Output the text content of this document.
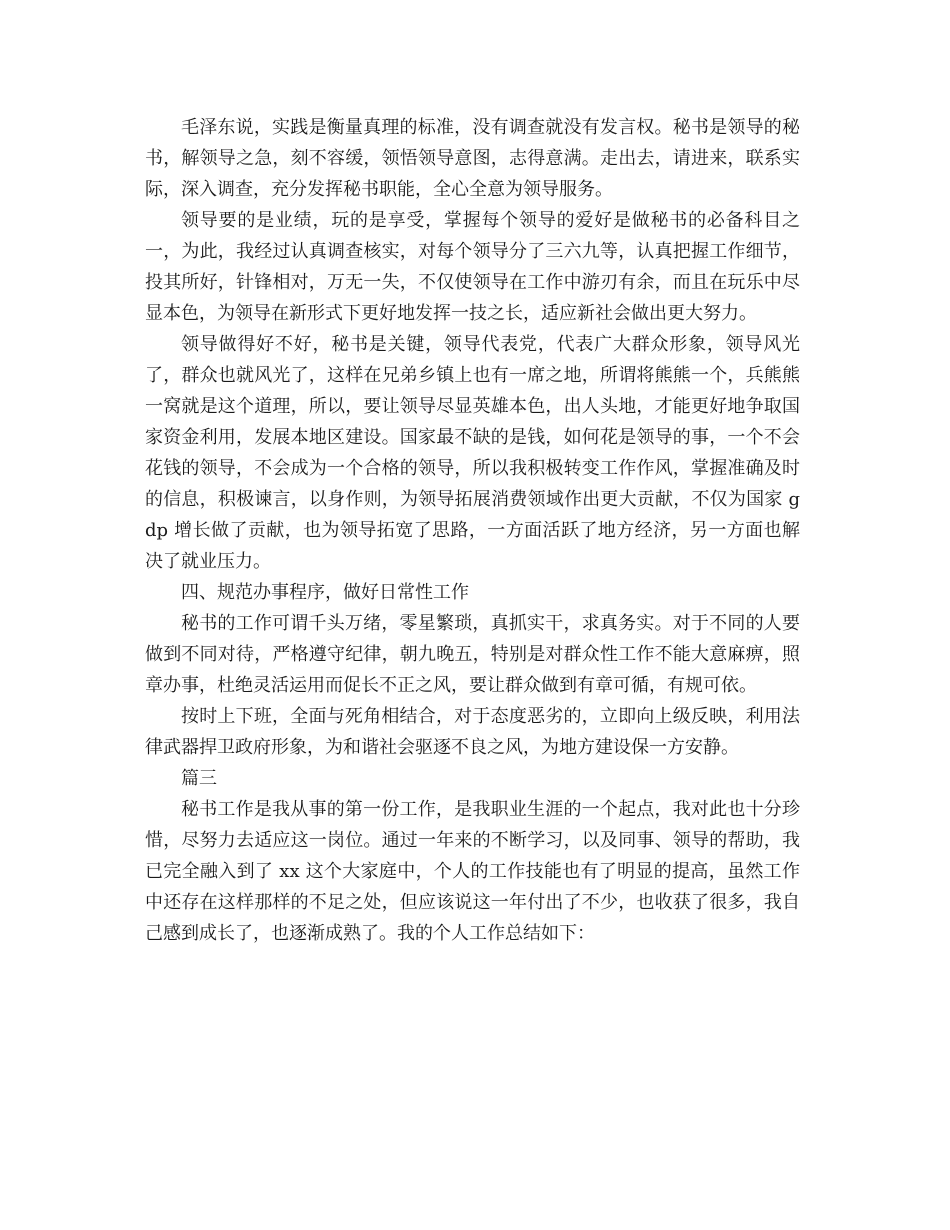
毛泽东说，实践是衡量真理的标准，没有调查就没有发言权。秘书是领导的秘书，解领导之急，刻不容缓，领悟领导意图，志得意满。走出去，请进来，联系实际，深入调查，充分发挥秘书职能，全心全意为领导服务。

领导要的是业绩，玩的是享受，掌握每个领导的爱好是做秘书的必备科目之一，为此，我经过认真调查核实，对每个领导分了三六九等，认真把握工作细节，投其所好，针锋相对，万无一失，不仅使领导在工作中游刃有余，而且在玩乐中尽显本色，为领导在新形式下更好地发挥一技之长，适应新社会做出更大努力。

领导做得好不好，秘书是关键，领导代表党，代表广大群众形象，领导风光了，群众也就风光了，这样在兄弟乡镇上也有一席之地，所谓将熊熊一个，兵熊熊一窝就是这个道理，所以，要让领导尽显英雄本色，出人头地，才能更好地争取国家资金利用，发展本地区建设。国家最不缺的是钱，如何花是领导的事，一个不会花钱的领导，不会成为一个合格的领导，所以我积极转变工作作风，掌握准确及时的信息，积极谏言，以身作则，为领导拓展消费领域作出更大贡献，不仅为国家 gdp 增长做了贡献，也为领导拓宽了思路，一方面活跃了地方经济，另一方面也解决了就业压力。

四、规范办事程序，做好日常性工作

秘书的工作可谓千头万绪，零星繁琐，真抓实干，求真务实。对于不同的人要做到不同对待，严格遵守纪律，朝九晚五，特别是对群众性工作不能大意麻痹，照章办事，杜绝灵活运用而促长不正之风，要让群众做到有章可循，有规可依。

按时上下班，全面与死角相结合，对于态度恶劣的，立即向上级反映，利用法律武器捍卫政府形象，为和谐社会驱逐不良之风，为地方建设保一方安静。

篇三

秘书工作是我从事的第一份工作，是我职业生涯的一个起点，我对此也十分珍惜，尽努力去适应这一岗位。通过一年来的不断学习，以及同事、领导的帮助，我已完全融入到了 xx 这个大家庭中，个人的工作技能也有了明显的提高，虽然工作中还存在这样那样的不足之处，但应该说这一年付出了不少，也收获了很多，我自己感到成长了，也逐渐成熟了。我的个人工作总结如下：
